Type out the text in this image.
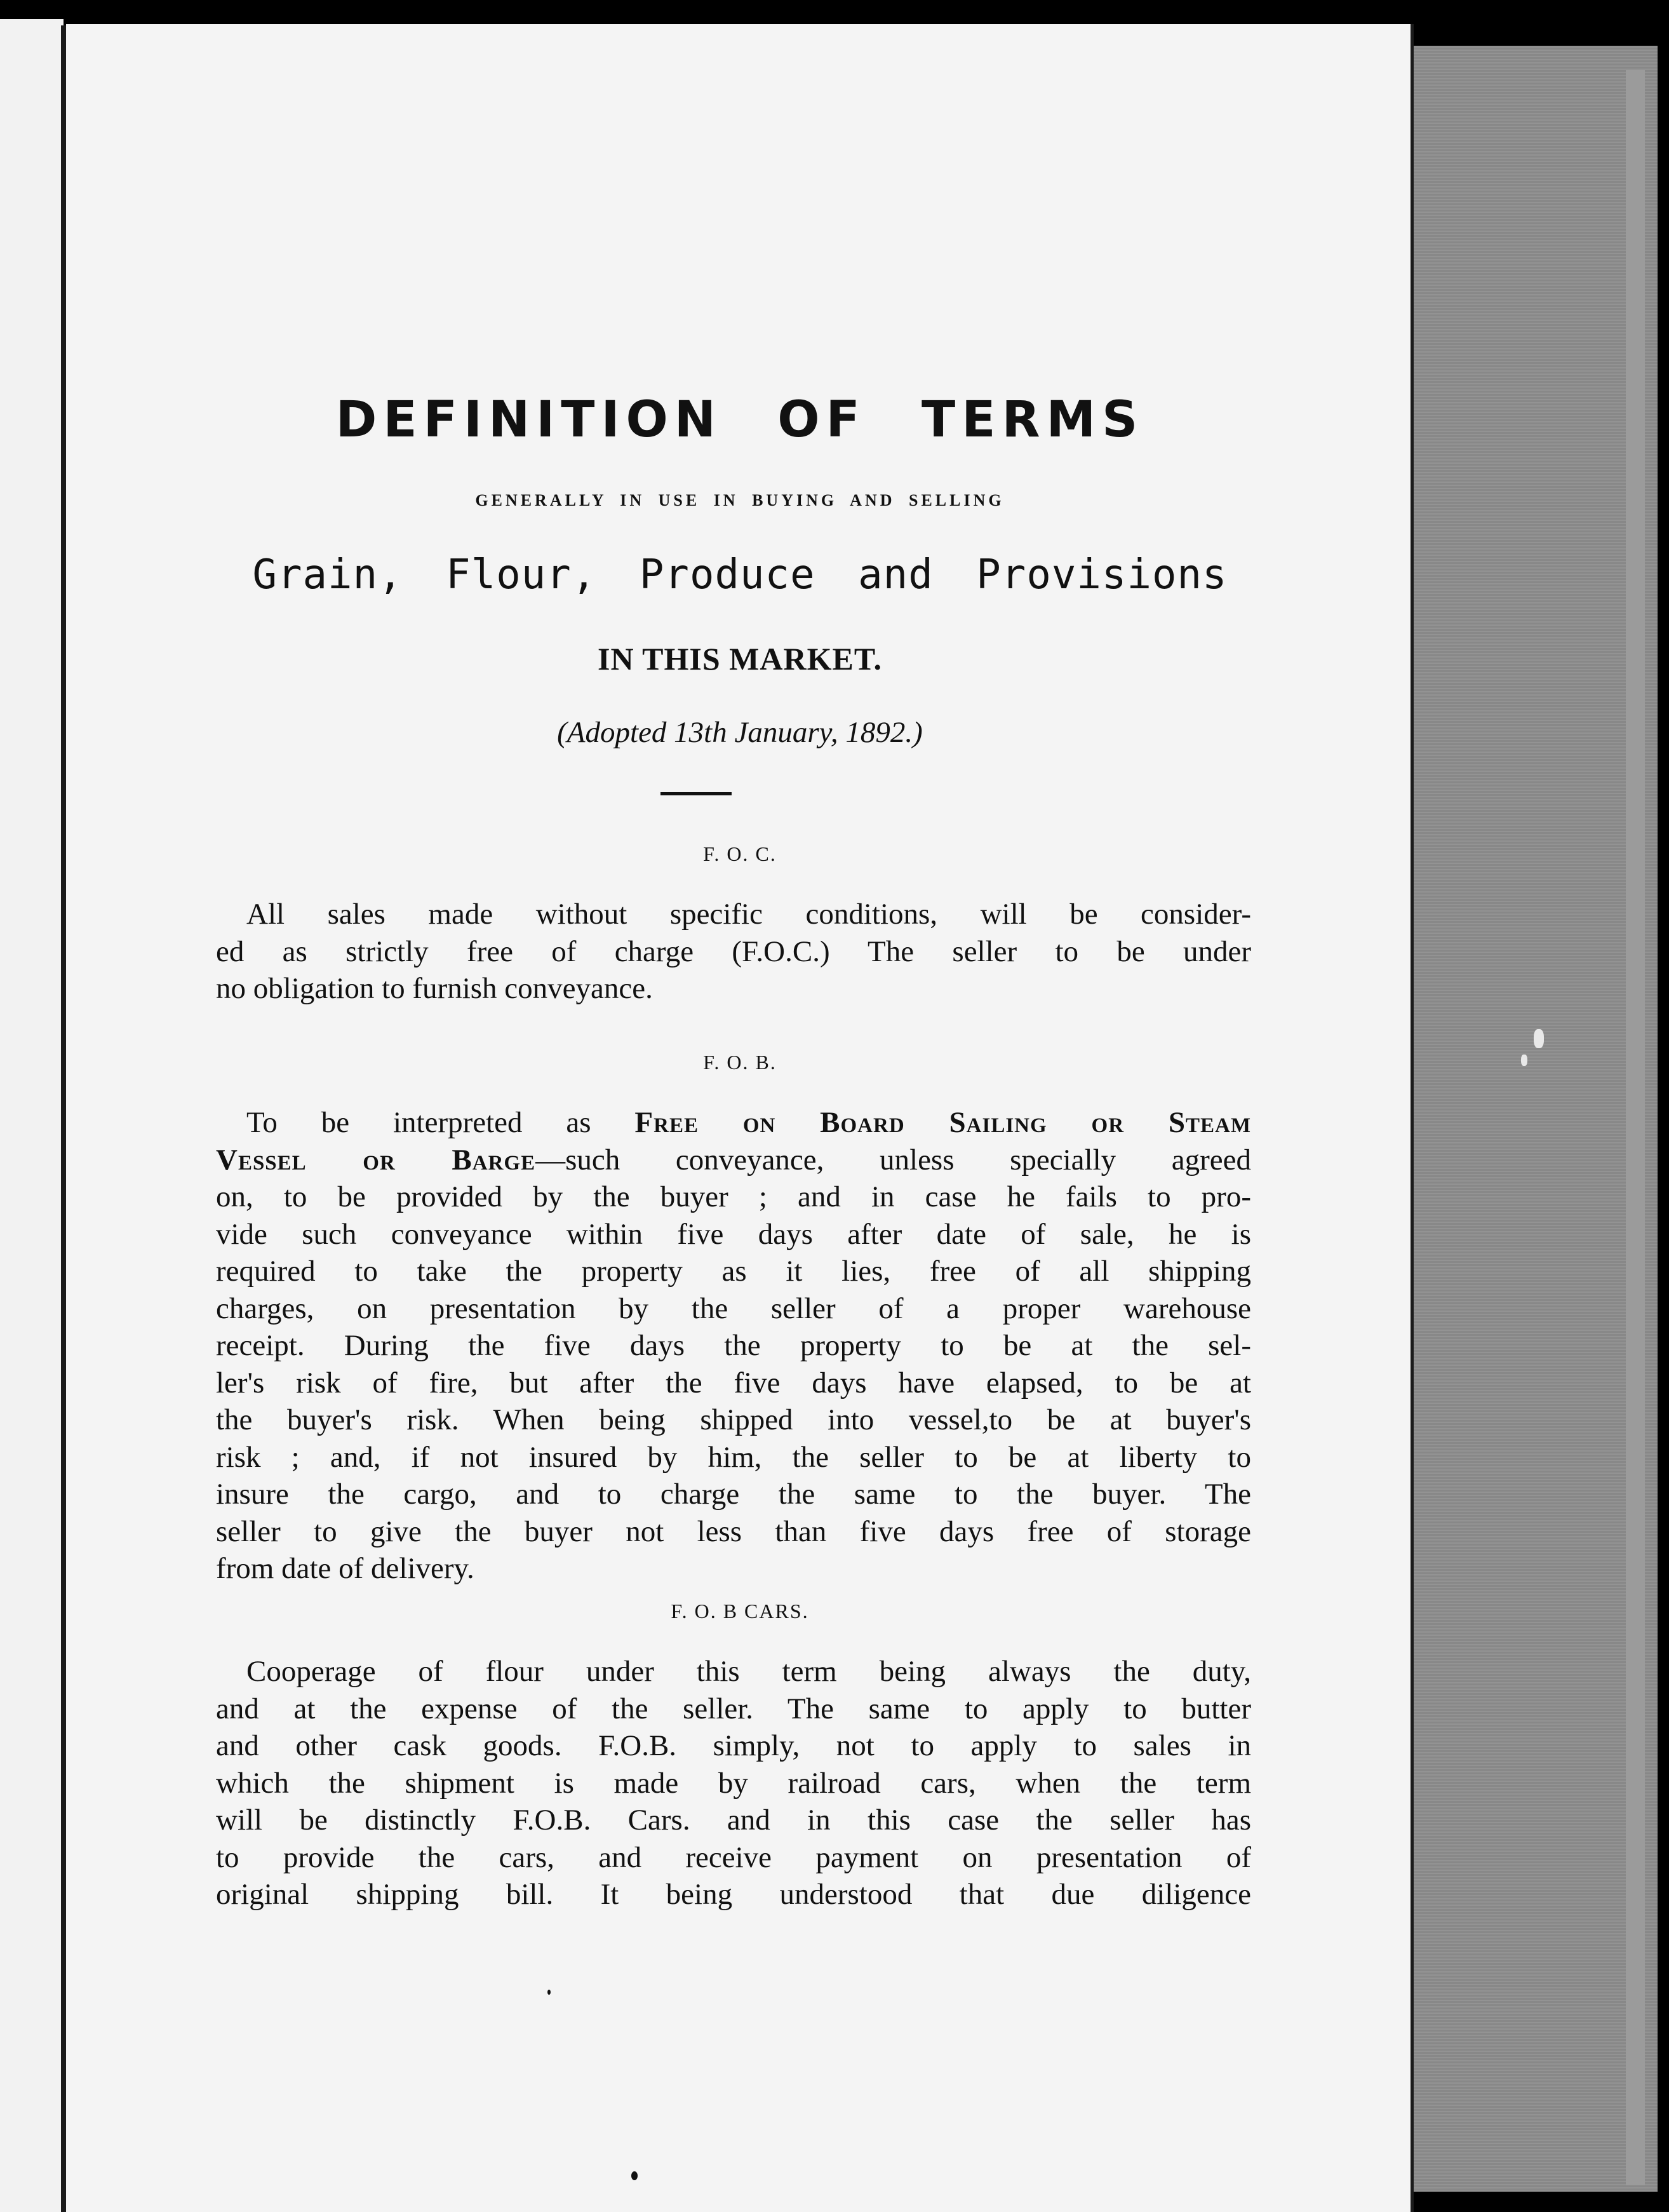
DEFINITION OF TERMS
GENERALLY IN USE IN BUYING AND SELLING
Grain, Flour, Produce and Provisions
IN THIS MARKET.
(Adopted 13th January, 1892.)
F. O. C.
All sales made without specific conditions, will be consider-
ed as strictly free of charge (F.O.C.) The seller to be under
no obligation to furnish conveyance.
F. O. B.
To be interpreted as Free on Board Sailing or Steam
Vessel or Barge—such conveyance, unless specially agreed
on, to be provided by the buyer ; and in case he fails to pro-
vide such conveyance within five days after date of sale, he is
required to take the property as it lies, free of all shipping
charges, on presentation by the seller of a proper warehouse
receipt. During the five days the property to be at the sel-
ler's risk of fire, but after the five days have elapsed, to be at
the buyer's risk. When being shipped into vessel,to be at buyer's
risk ; and, if not insured by him, the seller to be at liberty to
insure the cargo, and to charge the same to the buyer. The
seller to give the buyer not less than five days free of storage
from date of delivery.
F. O. B CARS.
Cooperage of flour under this term being always the duty,
and at the expense of the seller. The same to apply to butter
and other cask goods. F.O.B. simply, not to apply to sales in
which the shipment is made by railroad cars, when the term
will be distinctly F.O.B. Cars. and in this case the seller has
to provide the cars, and receive payment on presentation of
original shipping bill. It being understood that due diligence
